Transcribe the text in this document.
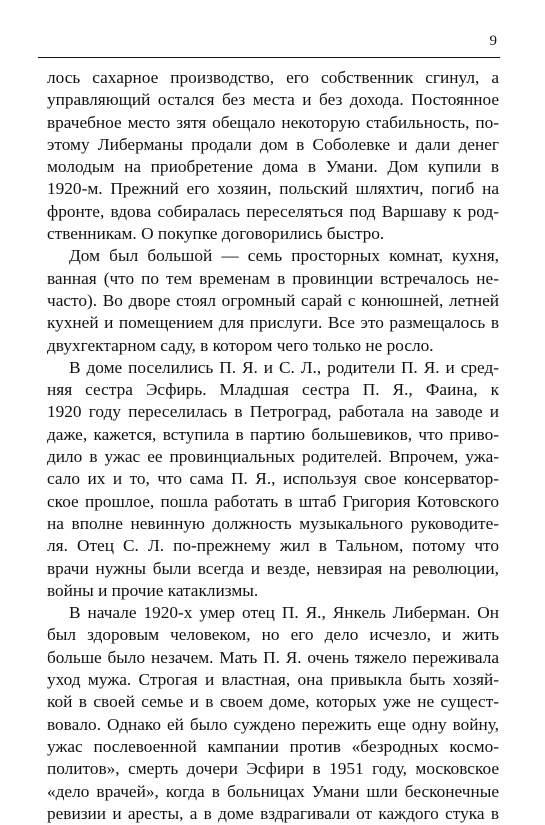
9
лось сахарное производство, его собственник сгинул, а
управляющий остался без места и без дохода. Постоянное
врачебное место зятя обещало некоторую стабильность, по-
этому Либерманы продали дом в Соболевке и дали денег
молодым на приобретение дома в Умани. Дом купили в
1920-м. Прежний его хозяин, польский шляхтич, погиб на
фронте, вдова собиралась переселяться под Варшаву к род-
ственникам. О покупке договорились быстро.
Дом был большой — семь просторных комнат, кухня,
ванная (что по тем временам в провинции встречалось не-
часто). Во дворе стоял огромный сарай с конюшней, летней
кухней и помещением для прислуги. Все это размещалось в
двухгектарном саду, в котором чего только не росло.
В доме поселились П. Я. и С. Л., родители П. Я. и сред-
няя сестра Эсфирь. Младшая сестра П. Я., Фаина, к
1920 году переселилась в Петроград, работала на заводе и
даже, кажется, вступила в партию большевиков, что приво-
дило в ужас ее провинциальных родителей. Впрочем, ужа-
сало их и то, что сама П. Я., используя свое консерватор-
ское прошлое, пошла работать в штаб Григория Котовского
на вполне невинную должность музыкального руководите-
ля. Отец С. Л. по-прежнему жил в Тальном, потому что
врачи нужны были всегда и везде, невзирая на революции,
войны и прочие катаклизмы.
В начале 1920-х умер отец П. Я., Янкель Либерман. Он
был здоровым человеком, но его дело исчезло, и жить
больше было незачем. Мать П. Я. очень тяжело переживала
уход мужа. Строгая и властная, она привыкла быть хозяй-
кой в своей семье и в своем доме, которых уже не сущест-
вовало. Однако ей было суждено пережить еще одну войну,
ужас послевоенной кампании против «безродных космо-
политов», смерть дочери Эсфири в 1951 году, московское
«дело врачей», когда в больницах Умани шли бесконечные
ревизии и аресты, а в доме вздрагивали от каждого стука в
